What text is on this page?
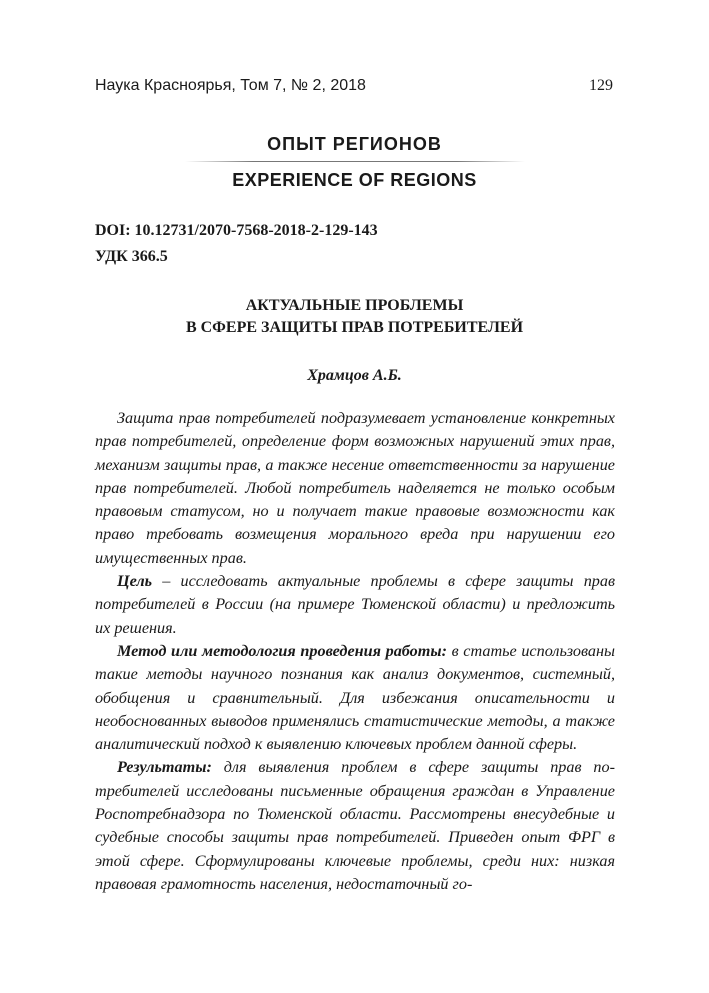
Наука Красноярья, Том 7, № 2, 2018	129
ОПЫТ РЕГИОНОВ
EXPERIENCE OF REGIONS
DOI: 10.12731/2070-7568-2018-2-129-143
УДК 366.5
АКТУАЛЬНЫЕ ПРОБЛЕМЫ
В СФЕРЕ ЗАЩИТЫ ПРАВ ПОТРЕБИТЕЛЕЙ
Храмцов А.Б.

Защита прав потребителей подразумевает установление конкретных прав потребителей, определение форм возможных нарушений этих прав, механизм защиты прав, а также несение ответственности за нарушение прав потребителей. Любой потребитель наделяется не только особым правовым статусом, но и получает такие правовые возможности как право требовать возмещения морального вреда при нарушении его имущественных прав.

Цель – исследовать актуальные проблемы в сфере защиты прав потребителей в России (на примере Тюменской области) и предложить их решения.

Метод или методология проведения работы: в статье использованы такие методы научного познания как анализ документов, системный, обобщения и сравнительный. Для избежания описательности и необоснованных выводов применялись статистические методы, а также аналитический подход к выявлению ключевых проблем данной сферы.

Результаты: для выявления проблем в сфере защиты прав потребителей исследованы письменные обращения граждан в Управление Роспотребнадзора по Тюменской области. Рассмотрены внесудебные и судебные способы защиты прав потребителей. Приведен опыт ФРГ в этой сфере. Сформулированы ключевые проблемы, среди них: низкая правовая грамотность населения, недостаточный го-
